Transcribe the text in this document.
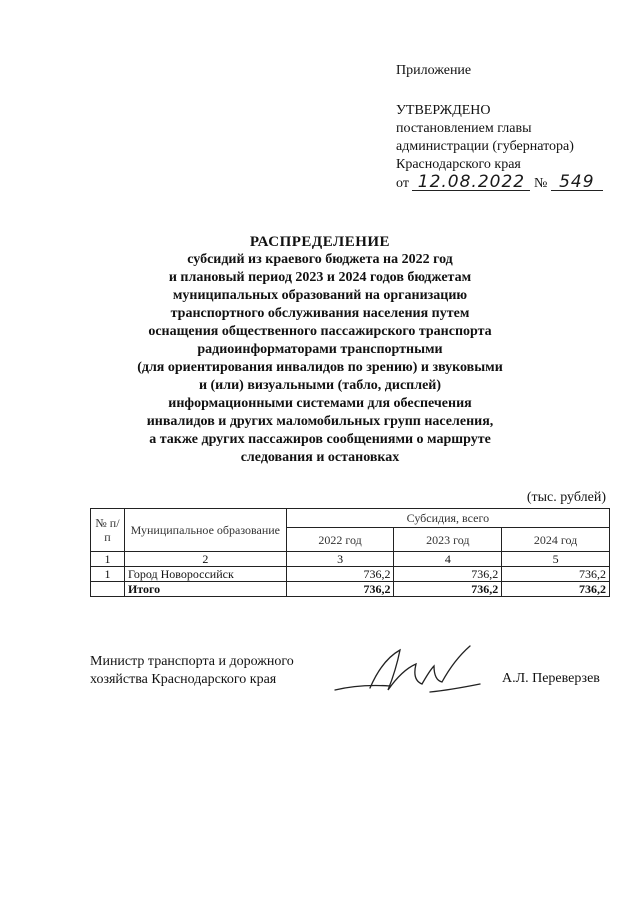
Приложение
УТВЕРЖДЕНО
постановлением главы
администрации (губернатора)
Краснодарского края
от 12.08.2022 № 549
РАСПРЕДЕЛЕНИЕ
субсидий из краевого бюджета на 2022 год
и плановый период 2023 и 2024 годов бюджетам
муниципальных образований на организацию
транспортного обслуживания населения путем
оснащения общественного пассажирского транспорта
радиоинформаторами транспортными
(для ориентирования инвалидов по зрению) и звуковыми
и (или) визуальными (табло, дисплей)
информационными системами для обеспечения
инвалидов и других маломобильных групп населения,
а также других пассажиров сообщениями о маршруте
следования и остановках
(тыс. рублей)
№ п/п	Муниципальное образование	Субсидия, всего		
		2022 год	2023 год	2024 год
1	2	3	4	5
1	Город Новороссийск	736,2	736,2	736,2
	Итого	736,2	736,2	736,2
Министр транспорта и дорожного
хозяйства Краснодарского края	А.Л. Переверзев
